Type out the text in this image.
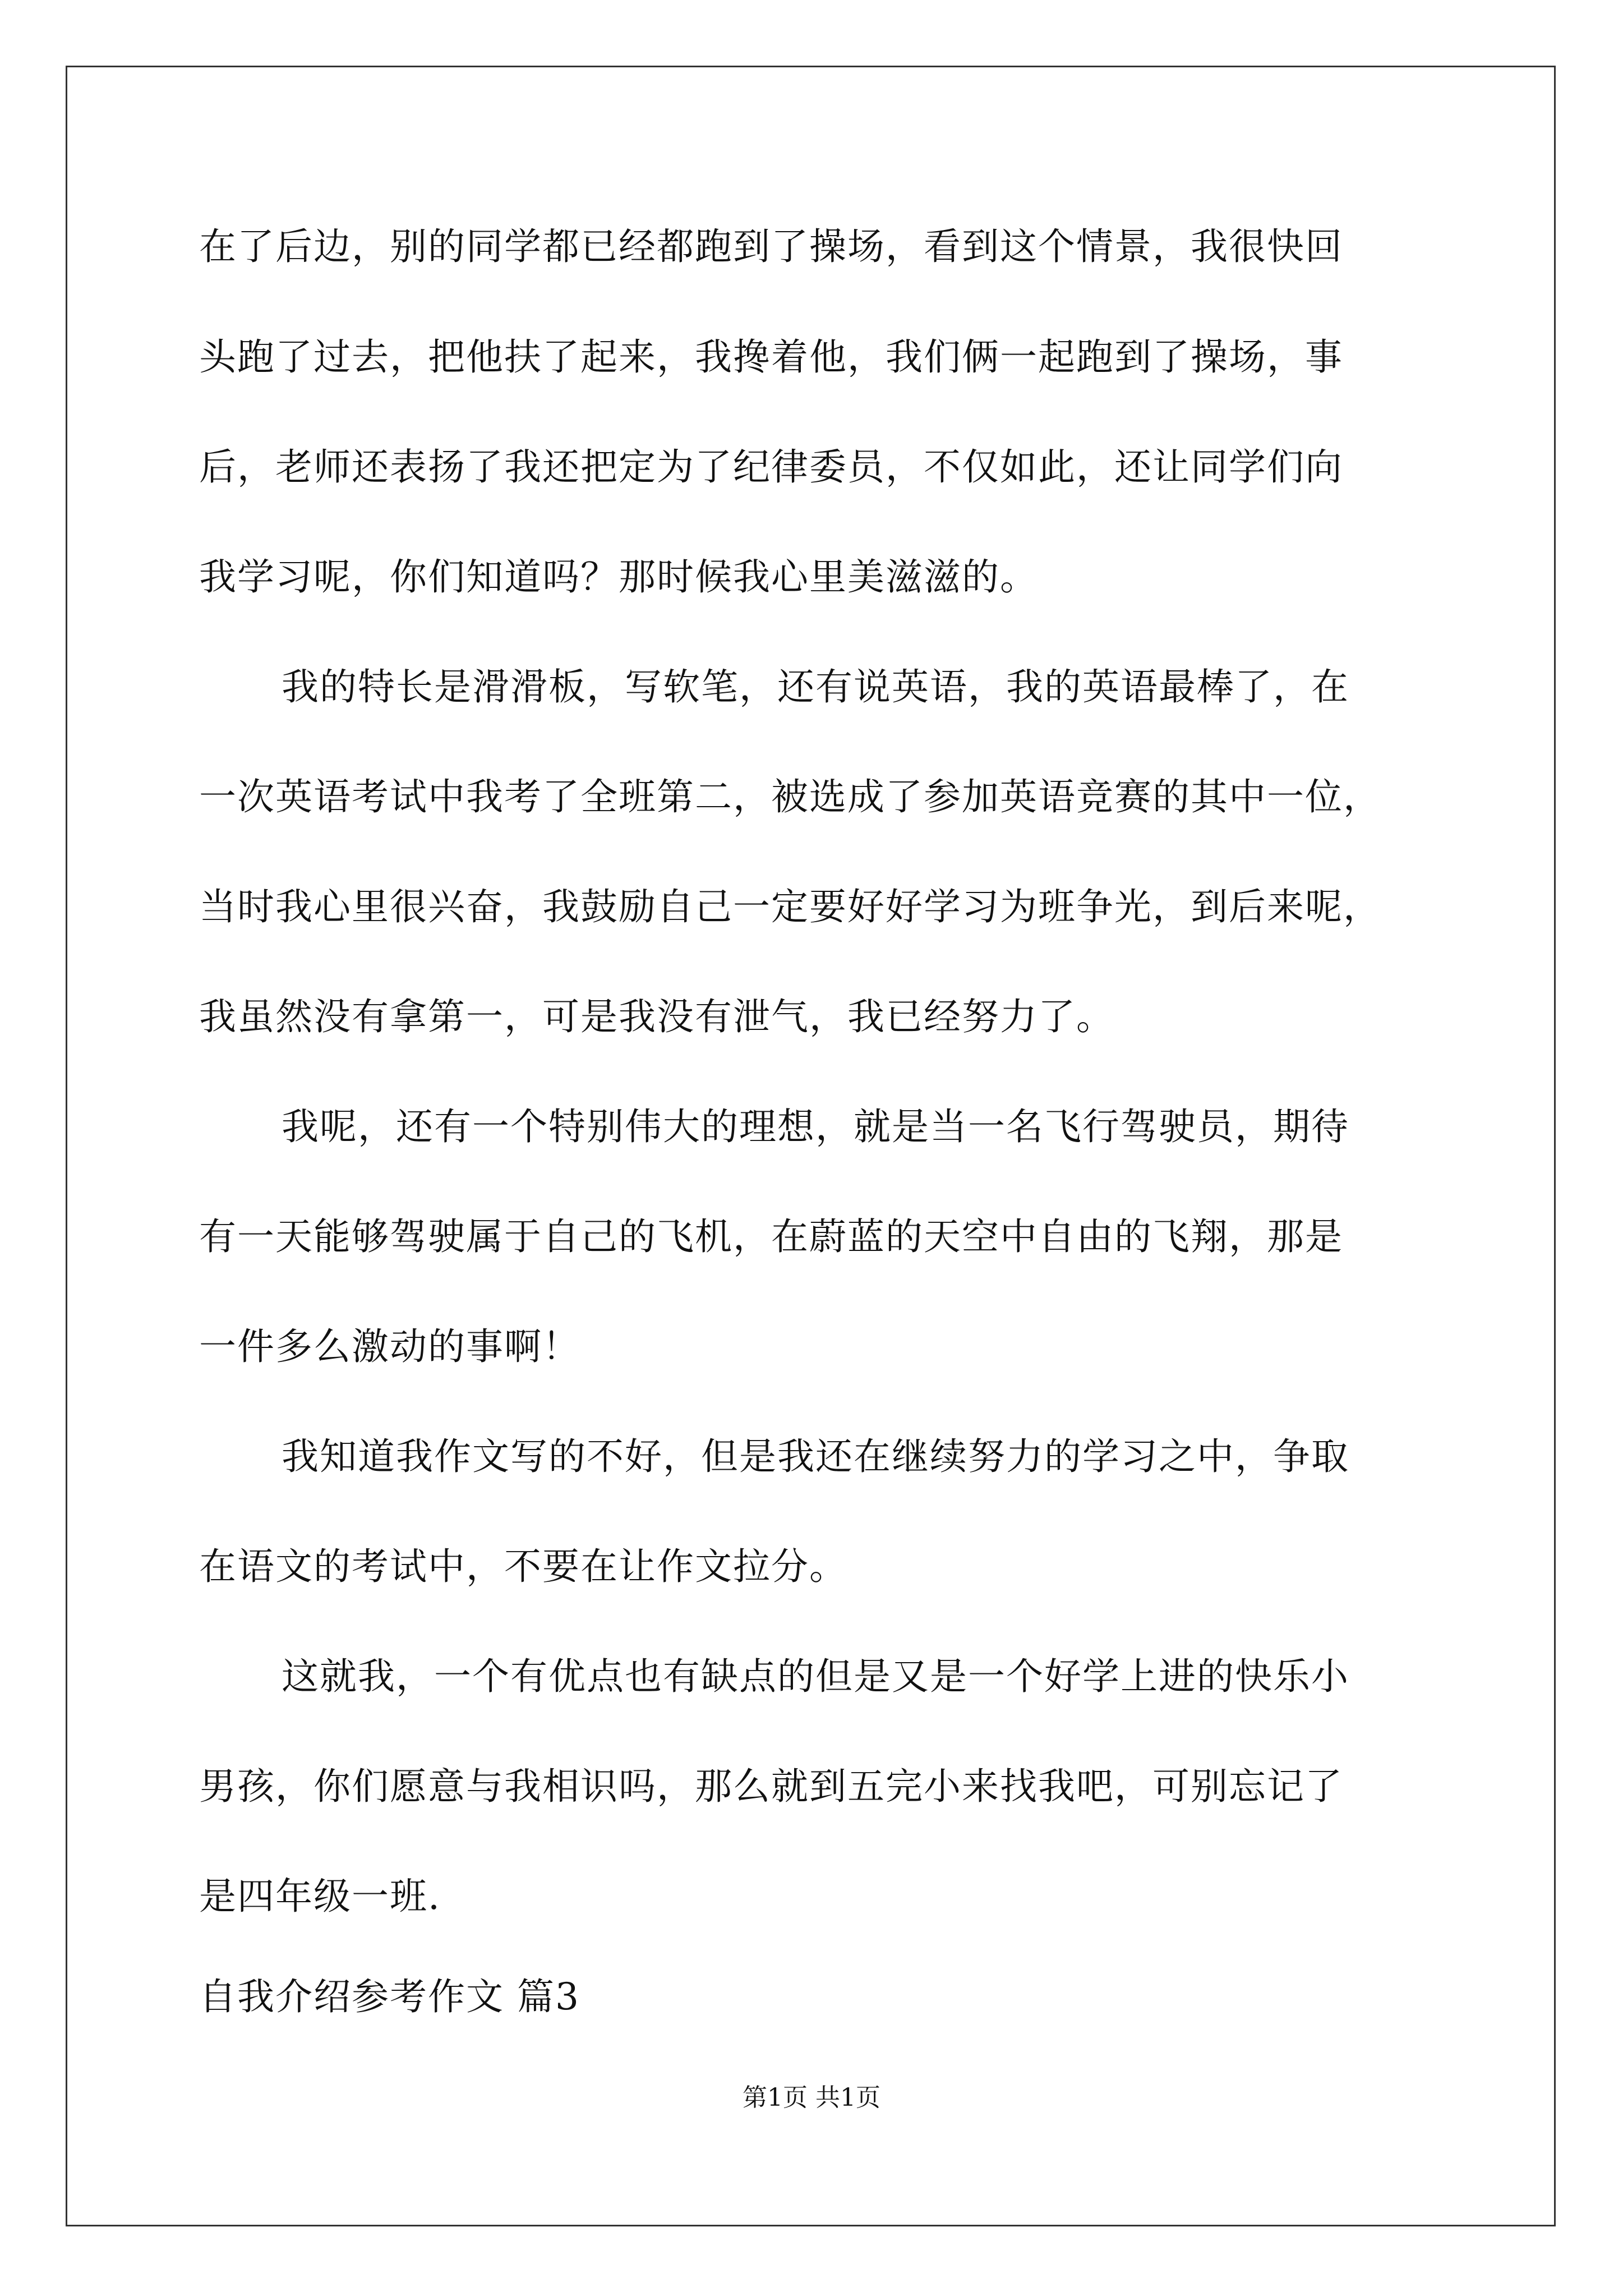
在了后边，别的同学都已经都跑到了操场，看到这个情景，我很快回
头跑了过去，把他扶了起来，我搀着他，我们俩一起跑到了操场，事
后，老师还表扬了我还把定为了纪律委员，不仅如此，还让同学们向
我学习呢，你们知道吗？那时候我心里美滋滋的。
我的特长是滑滑板，写软笔，还有说英语，我的英语最棒了，在
一次英语考试中我考了全班第二，被选成了参加英语竞赛的其中一位，
当时我心里很兴奋，我鼓励自己一定要好好学习为班争光，到后来呢，
我虽然没有拿第一，可是我没有泄气，我已经努力了。
我呢，还有一个特别伟大的理想，就是当一名飞行驾驶员，期待
有一天能够驾驶属于自己的飞机，在蔚蓝的天空中自由的飞翔，那是
一件多么激动的事啊！
我知道我作文写的不好，但是我还在继续努力的学习之中，争取
在语文的考试中，不要在让作文拉分。
这就我，一个有优点也有缺点的但是又是一个好学上进的快乐小
男孩，你们愿意与我相识吗，那么就到五完小来找我吧，可别忘记了
是四年级一班.
自我介绍参考作文 篇3
第1页 共1页
